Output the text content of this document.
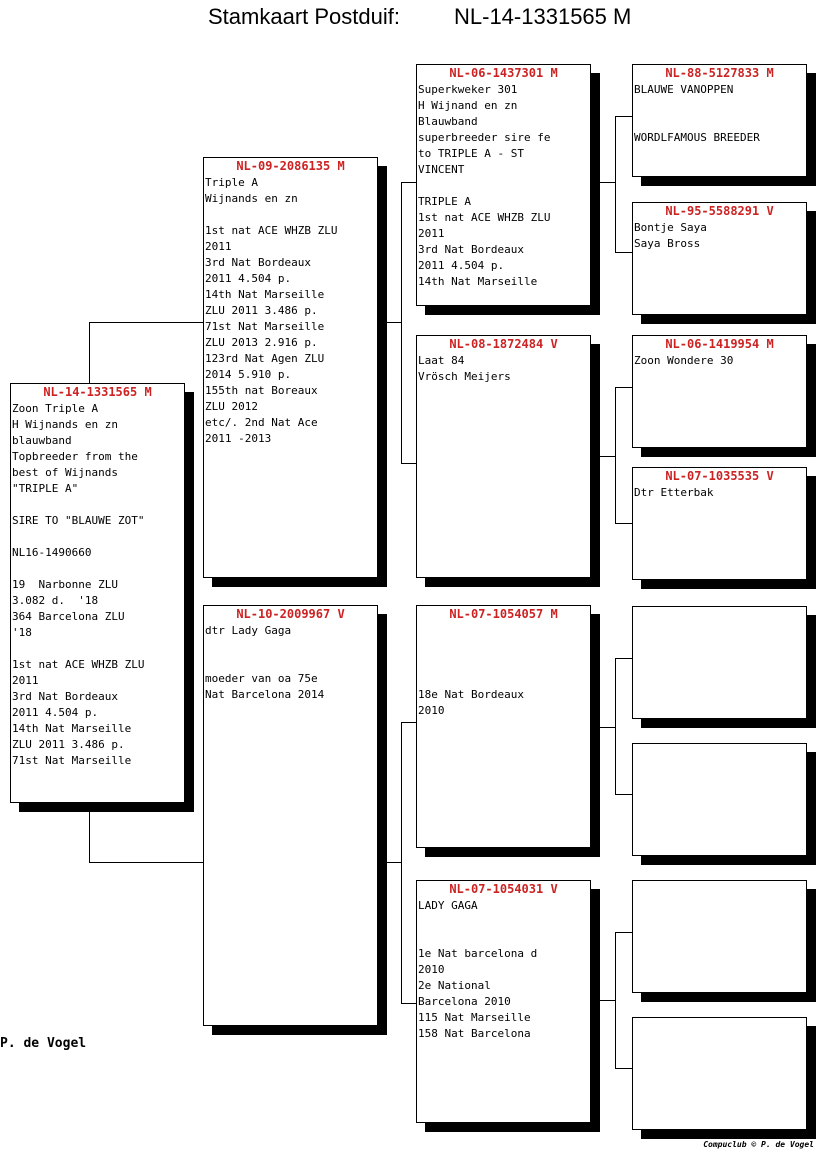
Stamkaart Postduif: NL-14-1331565 M
NL-14-1331565 M
Zoon Triple A
H Wijnands en zn
blauwband
Topbreeder from the
best of Wijnands
"TRIPLE A"

SIRE TO "BLAUWE ZOT"

NL16-1490660

19  Narbonne ZLU
3.082 d.  '18
364 Barcelona ZLU
'18

1st nat ACE WHZB ZLU
2011
3rd Nat Bordeaux
2011 4.504 p.
14th Nat Marseille
ZLU 2011 3.486 p.
71st Nat Marseille
NL-09-2086135 M
Triple A
Wijnands en zn

1st nat ACE WHZB ZLU
2011
3rd Nat Bordeaux
2011 4.504 p.
14th Nat Marseille
ZLU 2011 3.486 p.
71st Nat Marseille
ZLU 2013 2.916 p.
123rd Nat Agen ZLU
2014 5.910 p.
155th nat Boreaux
ZLU 2012
etc/. 2nd Nat Ace
2011 -2013
NL-10-2009967 V
dtr Lady Gaga

moeder van oa 75e
Nat Barcelona 2014
NL-06-1437301 M
Superkweker 301
H Wijnand en zn
Blauwband
superbreeder sire fe
to TRIPLE A - ST
VINCENT

TRIPLE A
1st nat ACE WHZB ZLU
2011
3rd Nat Bordeaux
2011 4.504 p.
14th Nat Marseille
NL-08-1872484 V
Laat 84
Vrösch Meijers
NL-07-1054057 M

18e Nat Bordeaux
2010
NL-07-1054031 V
LADY GAGA

1e Nat barcelona d
2010
2e National
Barcelona 2010
115 Nat Marseille
158 Nat Barcelona
NL-88-5127833 M
BLAUWE VANOPPEN

WORDLFAMOUS BREEDER
NL-95-5588291 V
Bontje Saya
Saya Bross
NL-06-1419954 M
Zoon Wondere 30
NL-07-1035535 V
Dtr Etterbak
P. de Vogel
Compuclub © P. de Vogel
